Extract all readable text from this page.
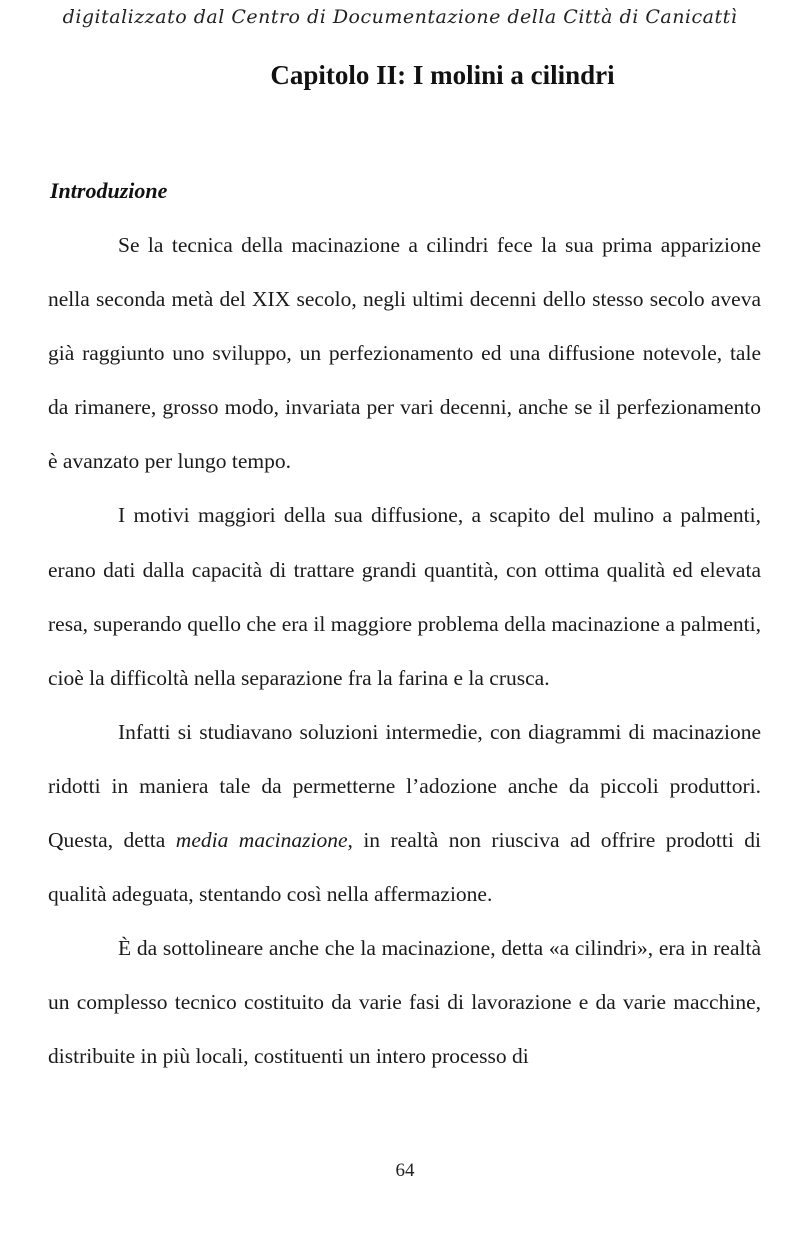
digitalizzato dal Centro di Documentazione della Città di Canicattì
Capitolo II: I molini a cilindri
Introduzione

Se la tecnica della macinazione a cilindri fece la sua prima apparizione nella seconda metà del XIX secolo, negli ultimi decenni dello stesso secolo aveva già raggiunto uno sviluppo, un perfezionamento ed una diffusione notevole, tale da rimanere, grosso modo, invariata per vari decenni, anche se il perfezionamento è avanzato per lungo tempo.

I motivi maggiori della sua diffusione, a scapito del mulino a palmenti, erano dati dalla capacità di trattare grandi quantità, con ottima qualità ed elevata resa, superando quello che era il maggiore problema della macinazione a palmenti, cioè la difficoltà nella separazione fra la farina e la crusca.

Infatti si studiavano soluzioni intermedie, con diagrammi di macinazione ridotti in maniera tale da permetterne l’adozione anche da piccoli produttori. Questa, detta media macinazione, in realtà non riusciva ad offrire prodotti di qualità adeguata, stentando così nella affermazione.

È da sottolineare anche che la macinazione, detta «a cilindri», era in realtà un complesso tecnico costituito da varie fasi di lavorazione e da varie macchine, distribuite in più locali, costituenti un intero processo di

64
